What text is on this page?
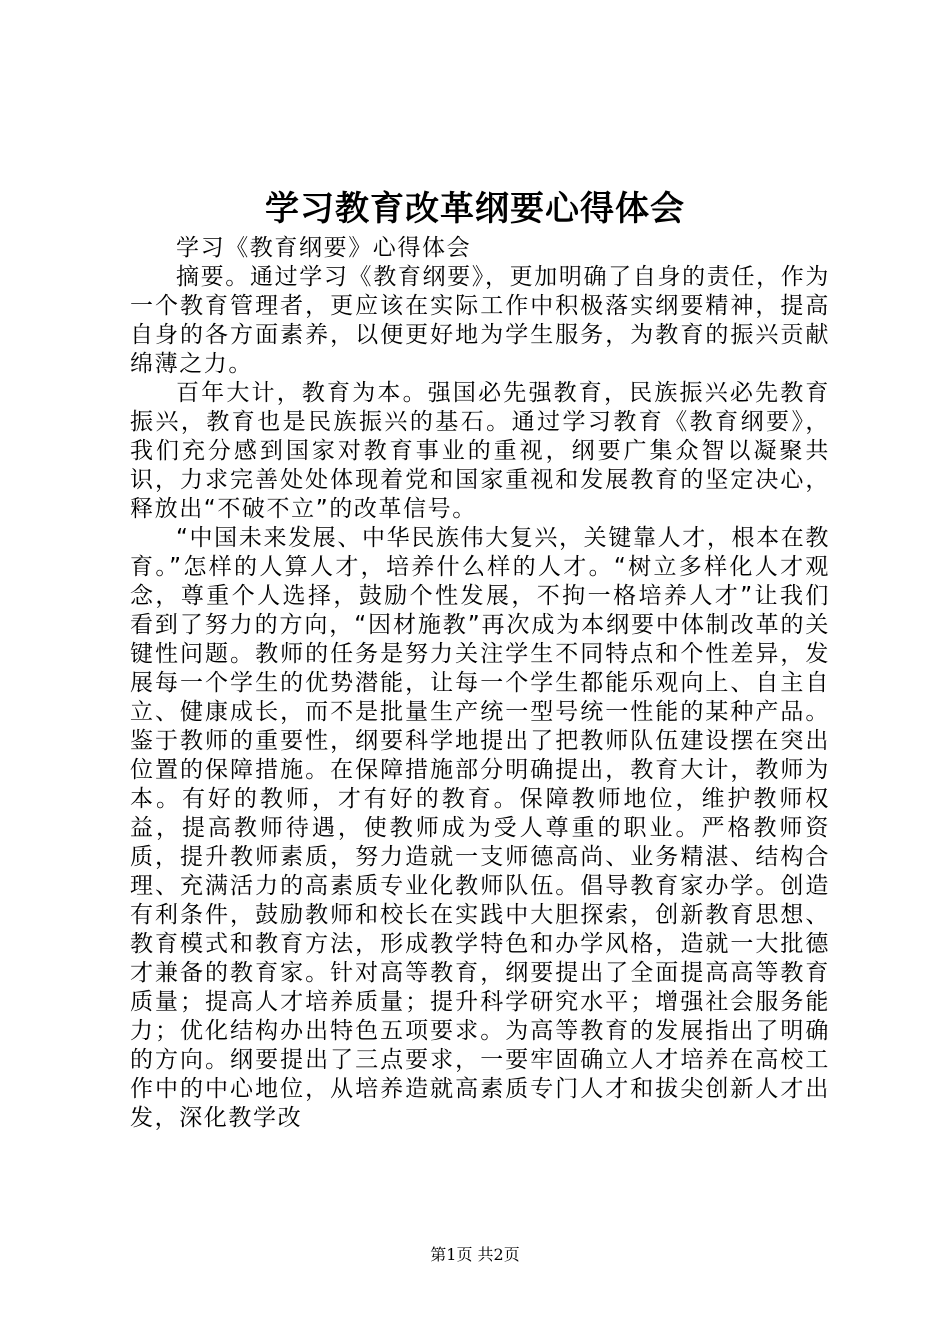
学习教育改革纲要心得体会

学习《教育纲要》心得体会

摘要。通过学习《教育纲要》，更加明确了自身的责任，作为一个教育管理者，更应该在实际工作中积极落实纲要精神，提高自身的各方面素养，以便更好地为学生服务，为教育的振兴贡献绵薄之力。

百年大计，教育为本。强国必先强教育，民族振兴必先教育振兴，教育也是民族振兴的基石。通过学习教育《教育纲要》，我们充分感到国家对教育事业的重视，纲要广集众智以凝聚共识，力求完善处处体现着党和国家重视和发展教育的坚定决心，释放出“不破不立”的改革信号。

“中国未来发展、中华民族伟大复兴，关键靠人才，根本在教育。”怎样的人算人才，培养什么样的人才。“树立多样化人才观念，尊重个人选择，鼓励个性发展，不拘一格培养人才”让我们看到了努力的方向，“因材施教”再次成为本纲要中体制改革的关键性问题。教师的任务是努力关注学生不同特点和个性差异，发展每一个学生的优势潜能，让每一个学生都能乐观向上、自主自立、健康成长，而不是批量生产统一型号统一性能的某种产品。鉴于教师的重要性，纲要科学地提出了把教师队伍建设摆在突出位置的保障措施。在保障措施部分明确提出，教育大计，教师为本。有好的教师，才有好的教育。保障教师地位，维护教师权益，提高教师待遇，使教师成为受人尊重的职业。严格教师资质，提升教师素质，努力造就一支师德高尚、业务精湛、结构合理、充满活力的高素质专业化教师队伍。倡导教育家办学。创造有利条件，鼓励教师和校长在实践中大胆探索，创新教育思想、教育模式和教育方法，形成教学特色和办学风格，造就一大批德才兼备的教育家。针对高等教育，纲要提出了全面提高高等教育质量；提高人才培养质量；提升科学研究水平；增强社会服务能力；优化结构办出特色五项要求。为高等教育的发展指出了明确的方向。纲要提出了三点要求，一要牢固确立人才培养在高校工作中的中心地位，从培养造就高素质专门人才和拔尖创新人才出发，深化教学改

第1页 共2页
